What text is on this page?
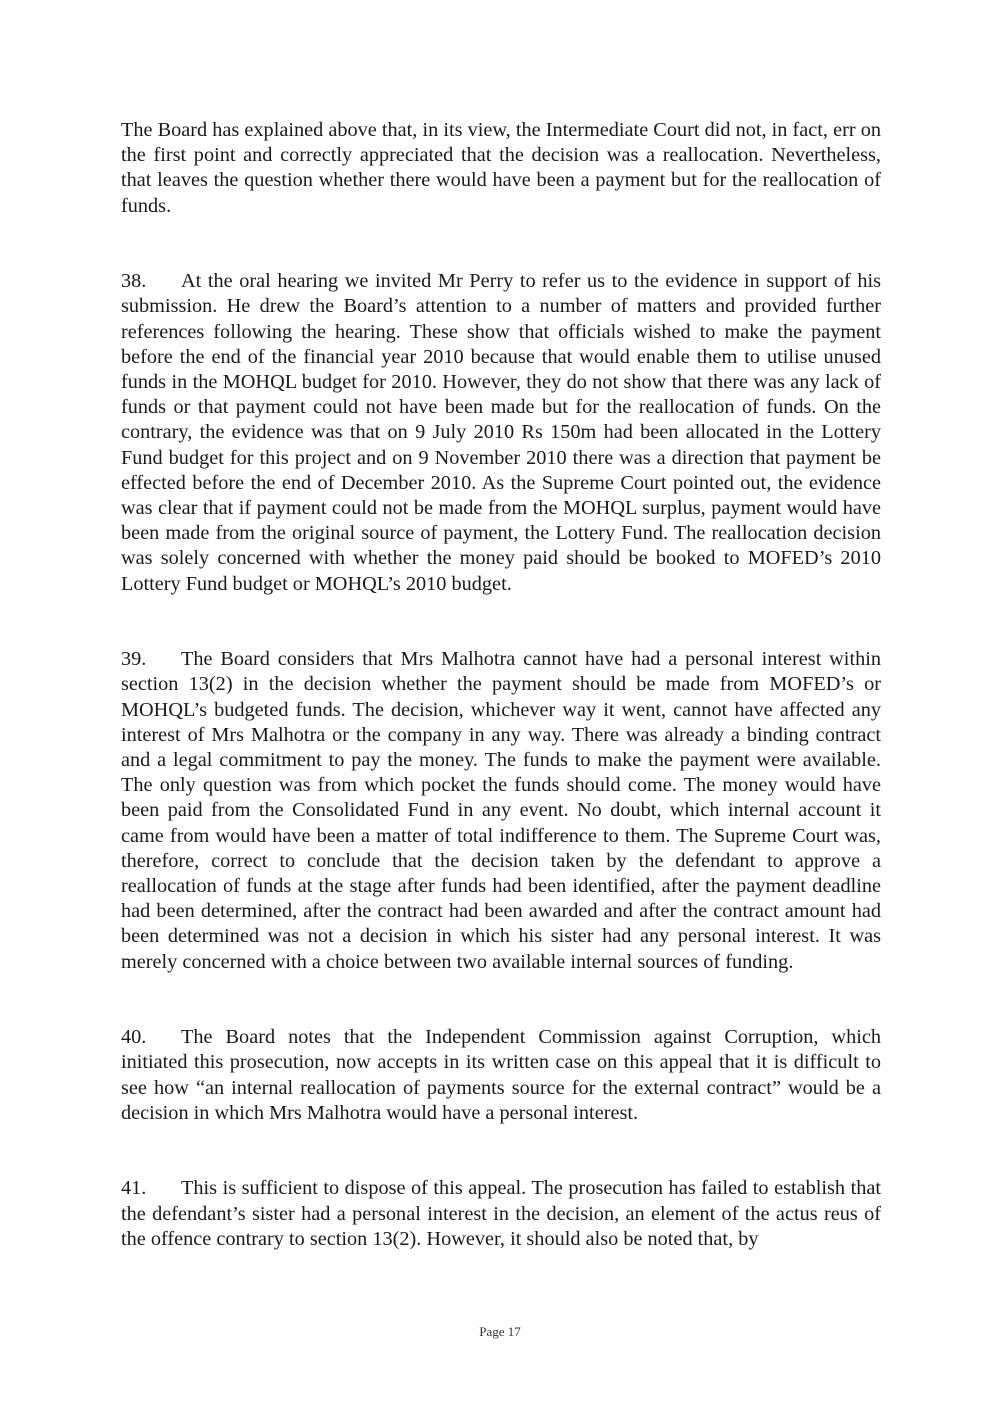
The Board has explained above that, in its view, the Intermediate Court did not, in fact, err on the first point and correctly appreciated that the decision was a reallocation. Nevertheless, that leaves the question whether there would have been a payment but for the reallocation of funds.

38. At the oral hearing we invited Mr Perry to refer us to the evidence in support of his submission. He drew the Board’s attention to a number of matters and provided further references following the hearing. These show that officials wished to make the payment before the end of the financial year 2010 because that would enable them to utilise unused funds in the MOHQL budget for 2010. However, they do not show that there was any lack of funds or that payment could not have been made but for the reallocation of funds. On the contrary, the evidence was that on 9 July 2010 Rs 150m had been allocated in the Lottery Fund budget for this project and on 9 November 2010 there was a direction that payment be effected before the end of December 2010. As the Supreme Court pointed out, the evidence was clear that if payment could not be made from the MOHQL surplus, payment would have been made from the original source of payment, the Lottery Fund. The reallocation decision was solely concerned with whether the money paid should be booked to MOFED’s 2010 Lottery Fund budget or MOHQL’s 2010 budget.

39. The Board considers that Mrs Malhotra cannot have had a personal interest within section 13(2) in the decision whether the payment should be made from MOFED’s or MOHQL’s budgeted funds. The decision, whichever way it went, cannot have affected any interest of Mrs Malhotra or the company in any way. There was already a binding contract and a legal commitment to pay the money. The funds to make the payment were available. The only question was from which pocket the funds should come. The money would have been paid from the Consolidated Fund in any event. No doubt, which internal account it came from would have been a matter of total indifference to them. The Supreme Court was, therefore, correct to conclude that the decision taken by the defendant to approve a reallocation of funds at the stage after funds had been identified, after the payment deadline had been determined, after the contract had been awarded and after the contract amount had been determined was not a decision in which his sister had any personal interest. It was merely concerned with a choice between two available internal sources of funding.

40. The Board notes that the Independent Commission against Corruption, which initiated this prosecution, now accepts in its written case on this appeal that it is difficult to see how “an internal reallocation of payments source for the external contract” would be a decision in which Mrs Malhotra would have a personal interest.

41. This is sufficient to dispose of this appeal. The prosecution has failed to establish that the defendant’s sister had a personal interest in the decision, an element of the actus reus of the offence contrary to section 13(2). However, it should also be noted that, by

Page 17
